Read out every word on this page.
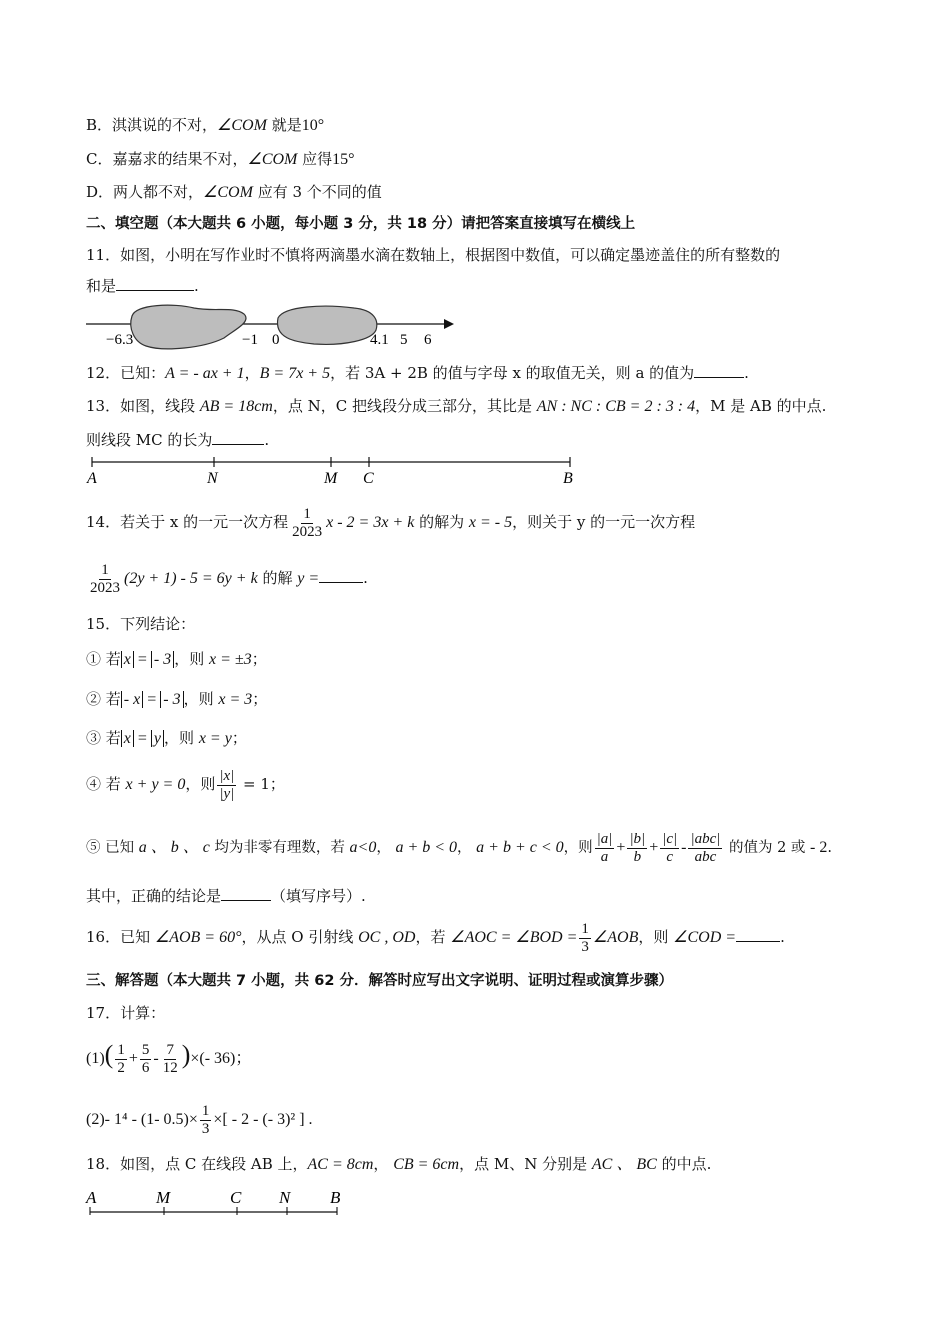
B．淇淇说的不对，∠COM 就是10°
C．嘉嘉求的结果不对，∠COM 应得15°
D．两人都不对，∠COM 应有 3 个不同的值
二、填空题（本大题共 6 小题，每小题 3 分，共 18 分）请把答案直接填写在横线上
11．如图，小明在写作业时不慎将两滴墨水滴在数轴上，根据图中数值，可以确定墨迹盖住的所有整数的
和是	.
−6.3	−1 0	4.1 5 6
12．已知：A = - ax + 1，B = 7x + 5，若 3A + 2B 的值与字母 x 的取值无关，则 a 的值为	.
13．如图，线段 AB = 18cm，点 N，C 把线段分成三部分，其比是 AN : NC : CB = 2 : 3 : 4，M 是 AB 的中点.
则线段 MC 的长为	.
A	N	M C	B
14．若关于 x 的一元一次方程 $\frac{1}{2023}$ x - 2 = 3x + k 的解为 x = - 5，则关于 y 的一元一次方程
$\frac{1}{2023} (2y + 1) - 5 = 6y + k$ 的解 y =	.
15．下列结论：
① 若 x = - 3 ，则 x = ±3；
② 若 - x = - 3 ，则 x = 3；
③ 若 x = y ，则 x = y；
④ 若 x + y = 0，则 $\frac{|x|}{|y|} = 1$；
⑤ 已知 a 、 b 、 c 均为非零有理数，若 a<0， a + b < 0， a + b + c < 0，则 $\frac{|a|}{a} + \frac{|b|}{b} + \frac{|c|}{c} - \frac{\text{|abc|}}{\text{abc}}$ 的值为 2 或 - 2.
其中，正确的结论是	（填写序号）.
16．已知 ∠AOB = 60°，从点 O 引射线 OC , OD，若 ∠AOC = ∠BOD = $\frac{1}{3}$ ∠AOB，则 ∠COD =	.
三、解答题（本大题共 7 小题，共 62 分．解答时应写出文字说明、证明过程或演算步骤）
17．计算：
$(1)( \frac{1}{2} + \frac{5}{6} - \frac{7}{12}$ )×(- 36)；
(2)- 1⁴ - (1- $0.5)\times \frac{1}{3}$ ×[ - 2 - (- 3)² ] .
18．如图，点 C 在线段 AB 上，AC = 8cm， CB = 6cm，点 M、N 分别是 AC 、 BC 的中点.
A	M	C N B
